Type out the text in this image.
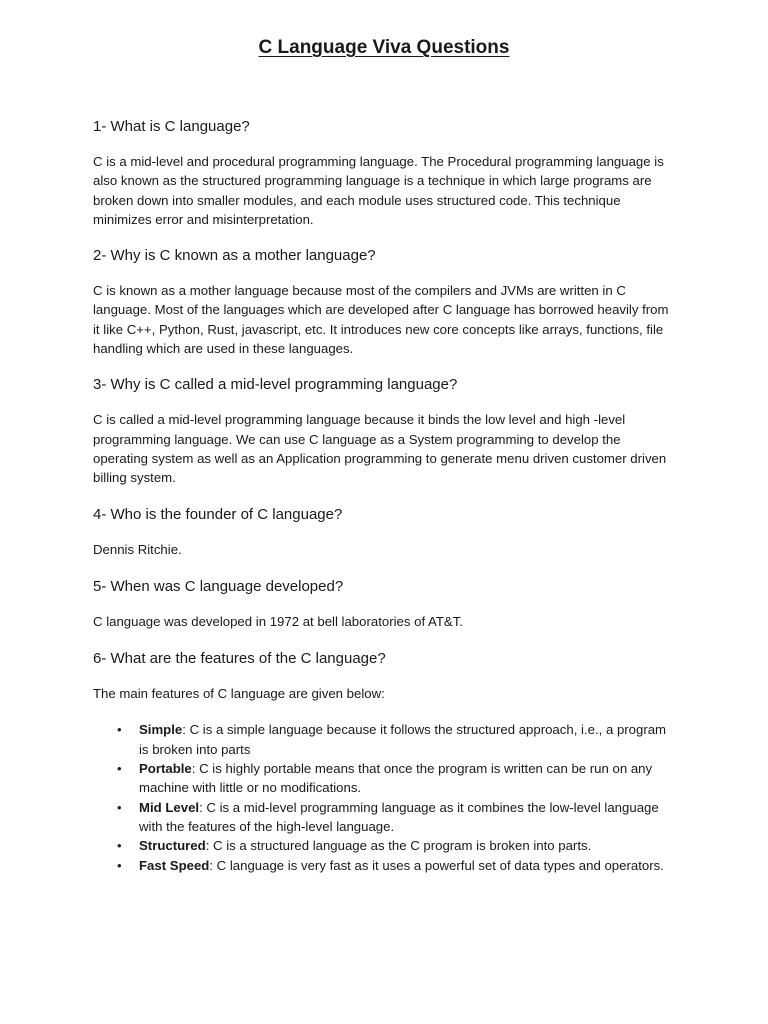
C Language Viva Questions
1- What is C language?

C is a mid-level and procedural programming language. The Procedural programming language is also known as the structured programming language is a technique in which large programs are broken down into smaller modules, and each module uses structured code. This technique minimizes error and misinterpretation.

2- Why is C known as a mother language?

C is known as a mother language because most of the compilers and JVMs are written in C language. Most of the languages which are developed after C language has borrowed heavily from it like C++, Python, Rust, javascript, etc. It introduces new core concepts like arrays, functions, file handling which are used in these languages.

3- Why is C called a mid-level programming language?

C is called a mid-level programming language because it binds the low level and high -level programming language. We can use C language as a System programming to develop the operating system as well as an Application programming to generate menu driven customer driven billing system.

4- Who is the founder of C language?

Dennis Ritchie.

5- When was C language developed?

C language was developed in 1972 at bell laboratories of AT&T.

6- What are the features of the C language?

The main features of C language are given below:

• Simple: C is a simple language because it follows the structured approach, i.e., a program is broken into parts
• Portable: C is highly portable means that once the program is written can be run on any machine with little or no modifications.
• Mid Level: C is a mid-level programming language as it combines the low-level language with the features of the high-level language.
• Structured: C is a structured language as the C program is broken into parts.
• Fast Speed: C language is very fast as it uses a powerful set of data types and operators.
